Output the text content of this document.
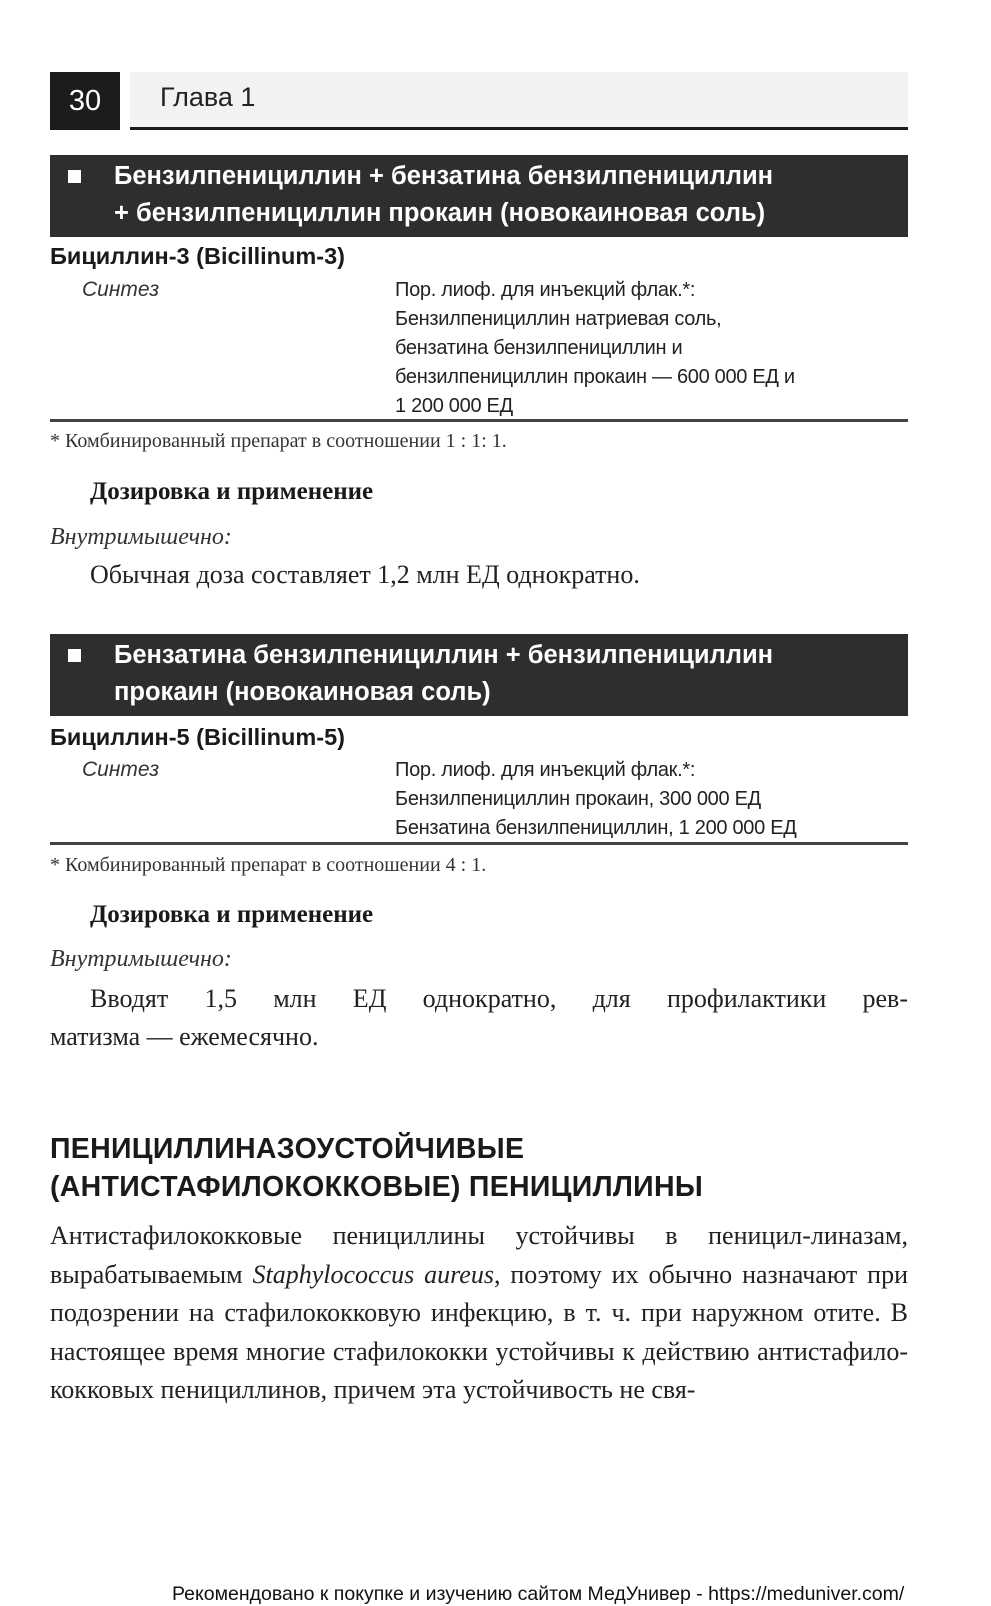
30	Глава 1
Бензилпенициллин + бензатина бензилпенициллин
+ бензилпенициллин прокаин (новокаиновая соль)
Бициллин-3 (Bicillinum-3)
Синтез	Пор. лиоф. для инъекций флак.*:
Бензилпенициллин натриевая соль,
бензатина бензилпенициллин и
бензилпенициллин прокаин — 600 000 ЕД и
1 200 000 ЕД
* Комбинированный препарат в соотношении 1 : 1: 1.
Дозировка и применение
Внутримышечно:
Обычная доза составляет 1,2 млн ЕД однократно.
Бензатина бензилпенициллин + бензилпенициллин
прокаин (новокаиновая соль)
Бициллин-5 (Bicillinum-5)
Синтез	Пор. лиоф. для инъекций флак.*:
Бензилпенициллин прокаин, 300 000 ЕД
Бензатина бензилпенициллин, 1 200 000 ЕД
* Комбинированный препарат в соотношении 4 : 1.
Дозировка и применение
Внутримышечно:
Вводят 1,5 млн ЕД однократно, для профилактики рев-
матизма — ежемесячно.
ПЕНИЦИЛЛИНАЗОУСТОЙЧИВЫЕ
(АНТИСТАФИЛОКОККОВЫЕ) ПЕНИЦИЛЛИНЫ
Антистафилококковые пенициллины устойчивы в пеницил-линазам, вырабатываемым Staphylococcus aureus, поэтому их обычно назначают при подозрении на стафилококковую инфекцию, в т. ч. при наружном отите. В настоящее время многие стафилококки устойчивы к действию антистафило-кокковых пенициллинов, причем эта устойчивость не свя-
Рекомендовано к покупке и изучению сайтом МедУнивер - https://meduniver.com/
